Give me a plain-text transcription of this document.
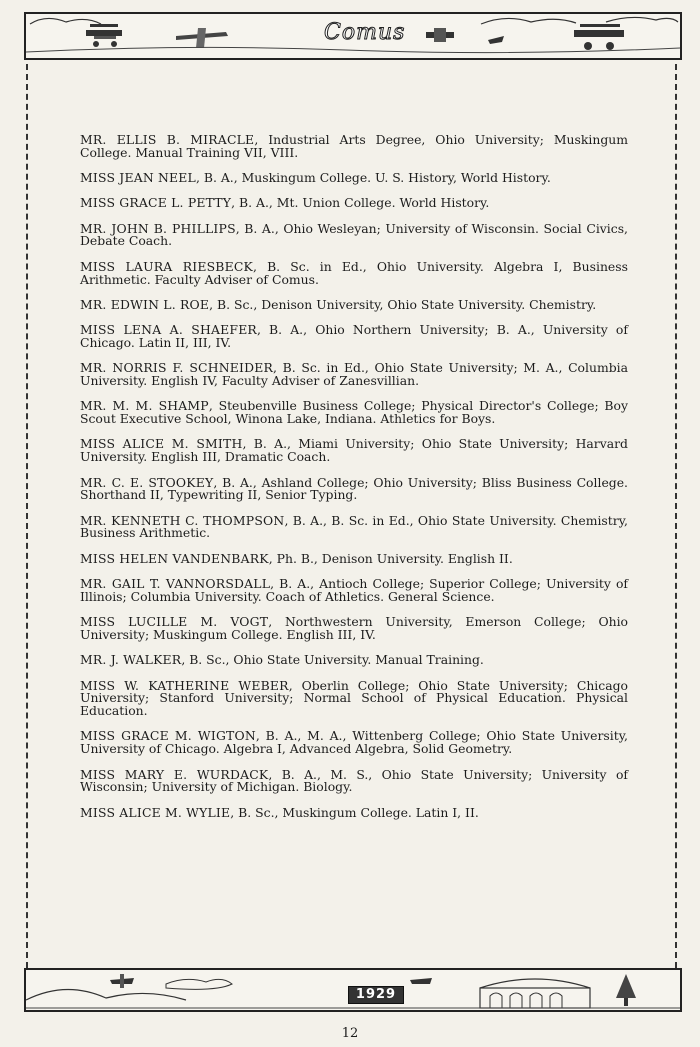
Comus

MR. ELLIS B. MIRACLE, Industrial Arts Degree, Ohio University; Muskingum College. Manual Training VII, VIII.

MISS JEAN NEEL, B. A., Muskingum College. U. S. History, World History.

MISS GRACE L. PETTY, B. A., Mt. Union College. World History.

MR. JOHN B. PHILLIPS, B. A., Ohio Wesleyan; University of Wisconsin. Social Civics, Debate Coach.

MISS LAURA RIESBECK, B. Sc. in Ed., Ohio University. Algebra I, Business Arithmetic. Faculty Adviser of Comus.

MR. EDWIN L. ROE, B. Sc., Denison University, Ohio State University. Chemistry.

MISS LENA A. SHAEFER, B. A., Ohio Northern University; B. A., University of Chicago. Latin II, III, IV.

MR. NORRIS F. SCHNEIDER, B. Sc. in Ed., Ohio State University; M. A., Columbia University. English IV, Faculty Adviser of Zanesvillian.

MR. M. M. SHAMP, Steubenville Business College; Physical Director's College; Boy Scout Executive School, Winona Lake, Indiana. Athletics for Boys.

MISS ALICE M. SMITH, B. A., Miami University; Ohio State University; Harvard University. English III, Dramatic Coach.

MR. C. E. STOOKEY, B. A., Ashland College; Ohio University; Bliss Business College. Shorthand II, Typewriting II, Senior Typing.

MR. KENNETH C. THOMPSON, B. A., B. Sc. in Ed., Ohio State University. Chemistry, Business Arithmetic.

MISS HELEN VANDENBARK, Ph. B., Denison University. English II.

MR. GAIL T. VANNORSDALL, B. A., Antioch College; Superior College; University of Illinois; Columbia University. Coach of Athletics. General Science.

MISS LUCILLE M. VOGT, Northwestern University, Emerson College; Ohio University; Muskingum College. English III, IV.

MR. J. WALKER, B. Sc., Ohio State University. Manual Training.

MISS W. KATHERINE WEBER, Oberlin College; Ohio State University; Chicago University; Stanford University; Normal School of Physical Education. Physical Education.

MISS GRACE M. WIGTON, B. A., M. A., Wittenberg College; Ohio State University, University of Chicago. Algebra I, Advanced Algebra, Solid Geometry.

MISS MARY E. WURDACK, B. A., M. S., Ohio State University; University of Wisconsin; University of Michigan. Biology.

MISS ALICE M. WYLIE, B. Sc., Muskingum College. Latin I, II.

1929
12
